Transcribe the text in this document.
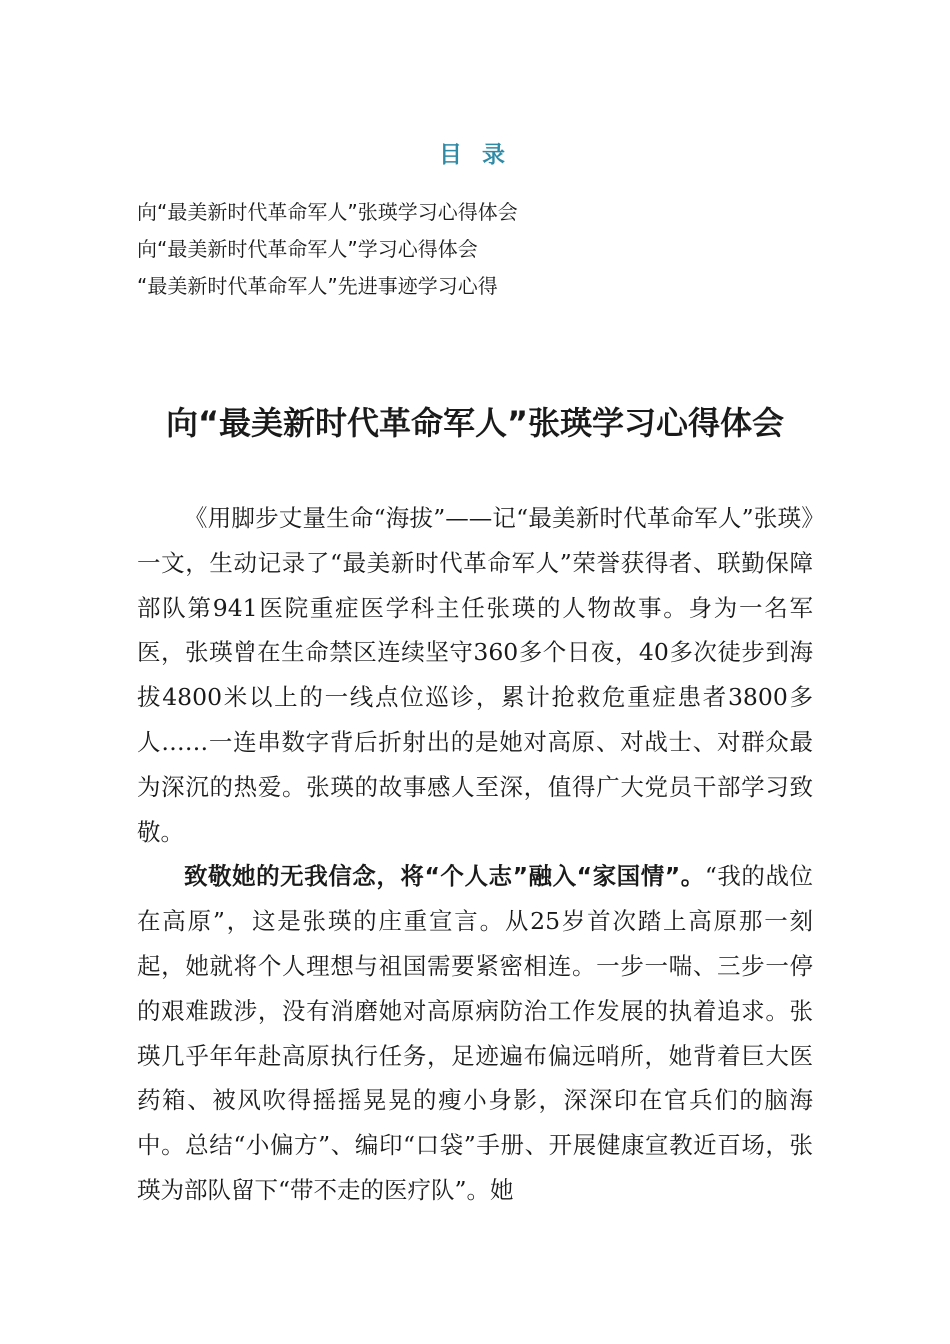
目 录
向“最美新时代革命军人”张瑛学习心得体会
向“最美新时代革命军人”学习心得体会
“最美新时代革命军人”先进事迹学习心得
向“最美新时代革命军人”张瑛学习心得体会

《用脚步丈量生命“海拔”——记“最美新时代革命军人”张瑛》一文，生动记录了“最美新时代革命军人”荣誉获得者、联勤保障部队第941医院重症医学科主任张瑛的人物故事。身为一名军医，张瑛曾在生命禁区连续坚守360多个日夜，40多次徒步到海拔4800米以上的一线点位巡诊，累计抢救危重症患者3800多人……一连串数字背后折射出的是她对高原、对战士、对群众最为深沉的热爱。张瑛的故事感人至深，值得广大党员干部学习致敬。

致敬她的无我信念，将“个人志”融入“家国情”。“我的战位在高原”，这是张瑛的庄重宣言。从25岁首次踏上高原那一刻起，她就将个人理想与祖国需要紧密相连。一步一喘、三步一停的艰难跋涉，没有消磨她对高原病防治工作发展的执着追求。张瑛几乎年年赴高原执行任务，足迹遍布偏远哨所，她背着巨大医药箱、被风吹得摇摇晃晃的瘦小身影，深深印在官兵们的脑海中。总结“小偏方”、编印“口袋”手册、开展健康宣教近百场，张瑛为部队留下“带不走的医疗队”。她
